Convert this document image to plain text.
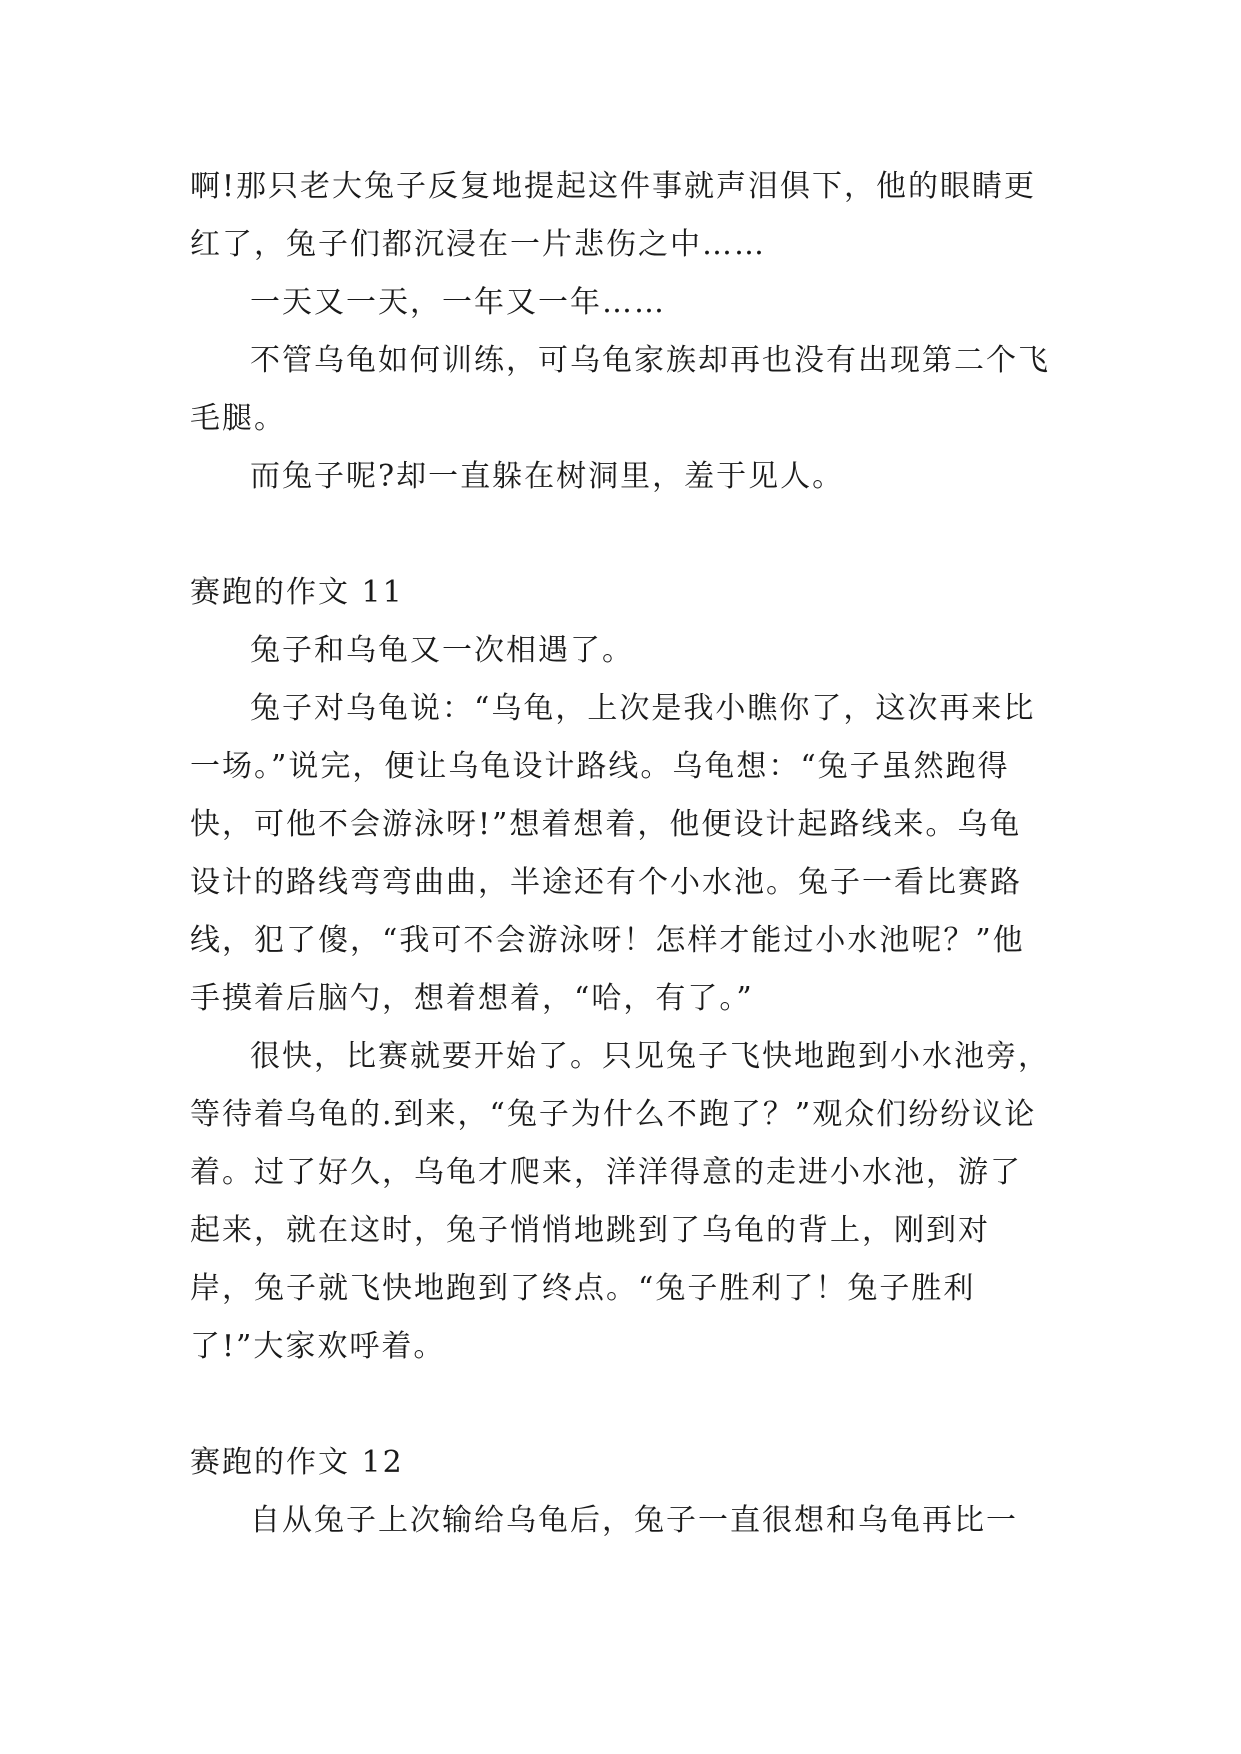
啊!那只老大兔子反复地提起这件事就声泪俱下，他的眼睛更红了，兔子们都沉浸在一片悲伤之中……

一天又一天，一年又一年……

不管乌龟如何训练，可乌龟家族却再也没有出现第二个飞毛腿。

而兔子呢?却一直躲在树洞里，羞于见人。

赛跑的作文 11

兔子和乌龟又一次相遇了。

兔子对乌龟说：“乌龟，上次是我小瞧你了，这次再来比一场。”说完，便让乌龟设计路线。乌龟想：“兔子虽然跑得快，可他不会游泳呀!”想着想着，他便设计起路线来。乌龟设计的路线弯弯曲曲，半途还有个小水池。兔子一看比赛路线，犯了傻，“我可不会游泳呀！怎样才能过小水池呢？”他手摸着后脑勺，想着想着，“哈，有了。”

很快，比赛就要开始了。只见兔子飞快地跑到小水池旁，等待着乌龟的.到来，“兔子为什么不跑了？”观众们纷纷议论着。过了好久，乌龟才爬来，洋洋得意的走进小水池，游了起来，就在这时，兔子悄悄地跳到了乌龟的背上，刚到对岸，兔子就飞快地跑到了终点。“兔子胜利了！兔子胜利了!”大家欢呼着。

赛跑的作文 12

自从兔子上次输给乌龟后，兔子一直很想和乌龟再比一
